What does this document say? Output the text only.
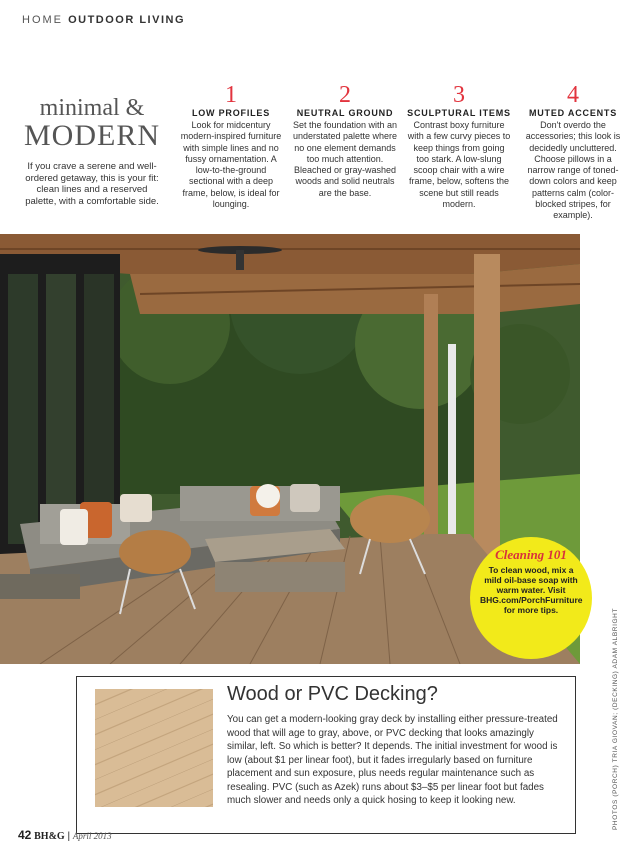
HOME OUTDOOR LIVING
minimal &
MODERN

If you crave a serene and well-ordered getaway, this is your fit: clean lines and a reserved palette, with a comfortable side.

1
LOW PROFILES
Look for midcentury modern-inspired furniture with simple lines and no fussy ornamentation. A low-to-the-ground sectional with a deep frame, below, is ideal for lounging.
2
NEUTRAL GROUND
Set the foundation with an understated palette where no one element demands too much attention. Bleached or gray-washed woods and solid neutrals are the base.
3
SCULPTURAL ITEMS
Contrast boxy furniture with a few curvy pieces to keep things from going too stark. A low-slung scoop chair with a wire frame, below, softens the scene but still reads modern.
4
MUTED ACCENTS
Don't overdo the accessories; this look is decidedly uncluttered. Choose pillows in a narrow range of toned-down colors and keep patterns calm (color-blocked stripes, for example).
Cleaning 101
To clean wood, mix a mild oil-base soap with warm water. Visit BHG.com/PorchFurniture for more tips.	PHOTOS (PORCH) TRIA GIOVAN; (DECKING) ADAM ALBRIGHT
Wood or PVC Decking?
You can get a modern-looking gray deck by installing either pressure-treated wood that will age to gray, above, or PVC decking that looks amazingly similar, left. So which is better? It depends. The initial investment for wood is low (about $1 per linear foot), but it fades irregularly based on furniture placement and sun exposure, plus needs regular maintenance such as resealing. PVC (such as Azek) runs about $3–$5 per linear foot but fades much slower and needs only a quick hosing to keep it looking new.
42 BH&G | April 2013
